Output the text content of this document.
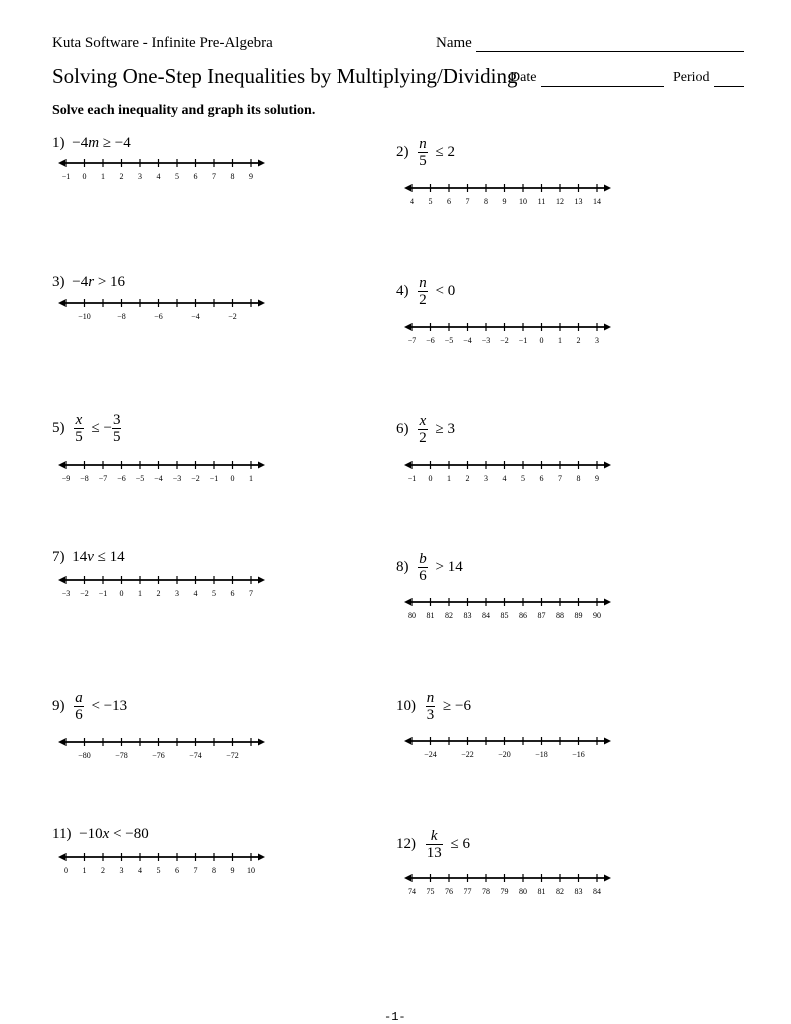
Kuta Software - Infinite Pre-Algebra	Name
Solving One-Step Inequalities by Multiplying/Dividing
Date	Period
Solve each inequality and graph its solution.
1) −4m ≥ −4
$2) \frac{n}{5} \le 2$
3) −4r > 16
$4) \frac{n}{2} < 0$
$5) \frac{x}{5}$ ≤ − $\frac{3}{5}$	$6) \frac{x}{2} \ge 3$
7) 14v ≤ 14
$8) \frac{b}{6} > 14$
$9) \frac{a}{6} < -13$	$10) \frac{n}{3} \ge -6$
11) −10x < −80
$12) \frac{k}{13} \le 6$
−1 0 1 2 3 4 5 6 7 8 9
4 5 6 7 8 9 10 11 12 13 14
−10	−8	−6	−4	−2
−7 −6 −5 −4 −3 −2 −1 0 1 2 3
−9 −8 −7 −6 −5 −4 −3 −2 −1 0 1	−1 0 1 2 3 4 5 6 7 8 9
−3 −2 −1 0 1 2 3 4 5 6 7
80 81 82 83 84 85 86 87 88 89 90
−80	−78	−76	−74	−72	−24	−22	−20	−18	−16
0 1 2 3 4 5 6 7 8 9 10
74 75 76 77 78 79 80 81 82 83 84
-1-
